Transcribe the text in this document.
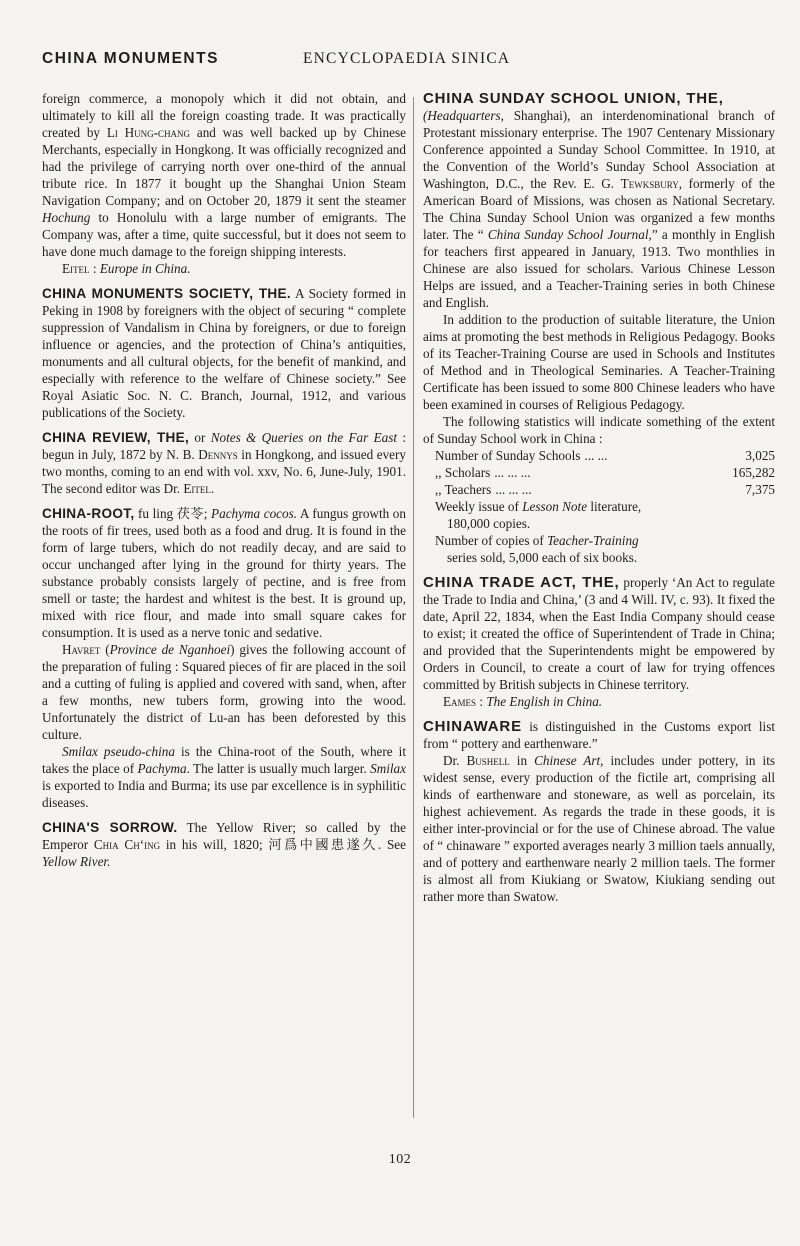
CHINA MONUMENTS	ENCYCLOPAEDIA SINICA

foreign commerce, a monopoly which it did not obtain, and ultimately to kill all the foreign coasting trade. It was practically created by Li Hung-chang and was well backed up by Chinese Merchants, especially in Hongkong. It was officially recognized and had the privilege of carrying north over one-third of the annual tribute rice. In 1877 it bought up the Shanghai Union Steam Navigation Company; and on October 20, 1879 it sent the steamer Hochung to Honolulu with a large number of emigrants. The Company was, after a time, quite successful, but it does not seem to have done much damage to the foreign shipping interests.

Eitel : Europe in China.

CHINA MONUMENTS SOCIETY, THE. A Society formed in Peking in 1908 by foreigners with the object of securing “ complete suppression of Vandalism in China by foreigners, or due to foreign influence or agencies, and the protection of China’s antiquities, monuments and all cultural objects, for the benefit of mankind, and especially with reference to the welfare of Chinese society.” See Royal Asiatic Soc. N. C. Branch, Journal, 1912, and various publications of the Society.

CHINA REVIEW, THE, or Notes & Queries on the Far East : begun in July, 1872 by N. B. Dennys in Hongkong, and issued every two months, coming to an end with vol. xxv, No. 6, June-July, 1901. The second editor was Dr. Eitel.

CHINA-ROOT, fu ling 茯苓; Pachyma cocos. A fungus growth on the roots of fir trees, used both as a food and drug. It is found in the form of large tubers, which do not readily decay, and are said to occur unchanged after lying in the ground for thirty years. The substance probably consists largely of pectine, and is free from smell or taste; the hardest and whitest is the best. It is ground up, mixed with rice flour, and made into small square cakes for consumption. It is used as a nerve tonic and sedative.

Havret (Province de Nganhoei) gives the following account of the preparation of fuling : Squared pieces of fir are placed in the soil and a cutting of fuling is applied and covered with sand, when, after a few months, new tubers form, growing into the wood. Unfortunately the district of Lu-an has been deforested by this culture.

Smilax pseudo-china is the China-root of the South, where it takes the place of Pachyma. The latter is usually much larger. Smilax is exported to India and Burma; its use par excellence is in syphilitic diseases.

CHINA'S SORROW. The Yellow River; so called by the Emperor Chia Ch‘ing in his will, 1820; 河爲中國患遂久. See Yellow River.

CHINA SUNDAY SCHOOL UNION, THE,
(Headquarters, Shanghai), an interdenominational branch of Protestant missionary enterprise. The 1907 Centenary Missionary Conference appointed a Sunday School Committee. In 1910, at the Convention of the World’s Sunday School Association at Washington, D.C., the Rev. E. G. Tewksbury, formerly of the American Board of Missions, was chosen as National Secretary. The China Sunday School Union was organized a few months later. The “ China Sunday School Journal,” a monthly in English for teachers first appeared in January, 1913. Two monthlies in Chinese are also issued for scholars. Various Chinese Lesson Helps are issued, and a Teacher-Training series in both Chinese and English.

In addition to the production of suitable literature, the Union aims at promoting the best methods in Religious Pedagogy. Books of its Teacher-Training Course are used in Schools and Institutes of Method and in Theological Seminaries. A Teacher-Training Certificate has been issued to some 800 Chinese leaders who have been examined in courses of Religious Pedagogy.

The following statistics will indicate something of the extent of Sunday School work in China :

Number of Sunday Schools ... ...	3,025
,, Scholars ... ... ...	165,282
,, Teachers ... ... ...	7,375

Weekly issue of Lesson Note literature,

180,000 copies.

Number of copies of Teacher-Training

series sold, 5,000 each of six books.

CHINA TRADE ACT, THE, properly ‘An Act to regulate the Trade to India and China,’ (3 and 4 Will. IV, c. 93). It fixed the date, April 22, 1834, when the East India Company should cease to exist; it created the office of Superintendent of Trade in China; and provided that the Superintendents might be empowered by Orders in Council, to create a court of law for trying offences committed by British subjects in Chinese territory.

Eames : The English in China.

CHINAWARE is distinguished in the Customs export list from “ pottery and earthenware.”

Dr. Bushell in Chinese Art, includes under pottery, in its widest sense, every production of the fictile art, comprising all kinds of earthenware and stoneware, as well as porcelain, its highest achievement. As regards the trade in these goods, it is either inter-provincial or for the use of Chinese abroad. The value of “ chinaware ” exported averages nearly 3 million taels annually, and of pottery and earthenware nearly 2 million taels. The former is almost all from Kiukiang or Swatow, Kiukiang sending out rather more than Swatow.

102
